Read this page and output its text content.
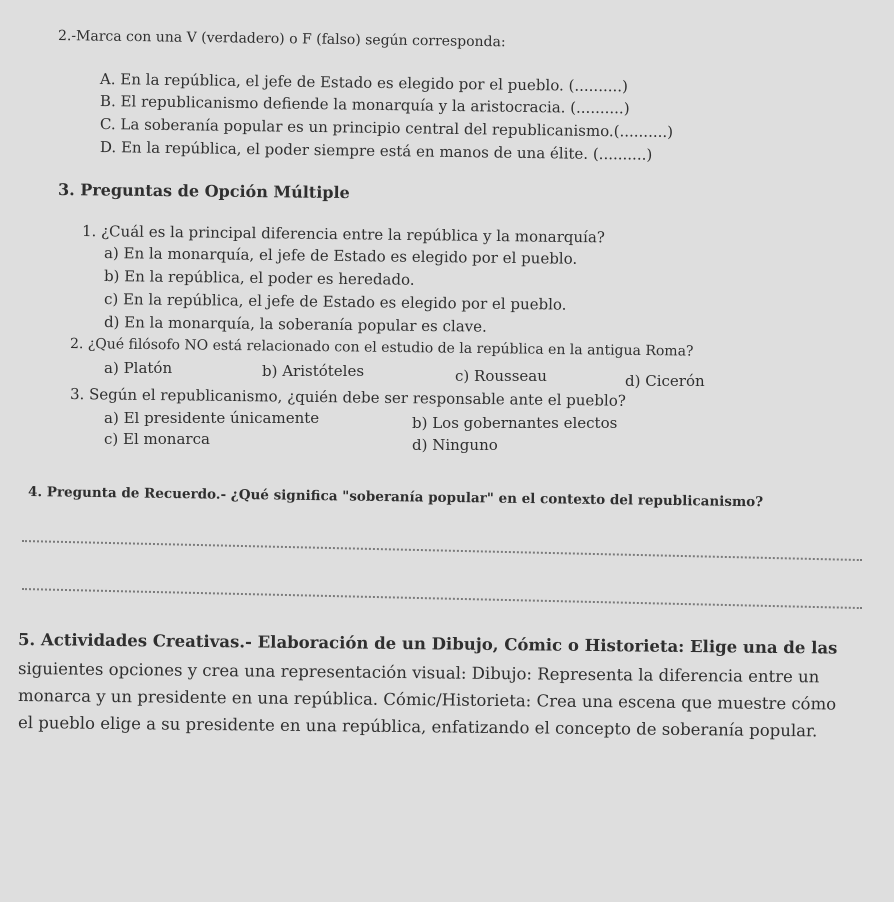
2.-Marca con una V (verdadero) o F (falso) según corresponda:
A. En la república, el jefe de Estado es elegido por el pueblo. (..........)
B. El republicanismo defiende la monarquía y la aristocracia. (..........)
C. La soberanía popular es un principio central del republicanismo.(..........)
D. En la república, el poder siempre está en manos de una élite. (..........)
3. Preguntas de Opción Múltiple
1. ¿Cuál es la principal diferencia entre la república y la monarquía?
a) En la monarquía, el jefe de Estado es elegido por el pueblo.
b) En la república, el poder es heredado.
c) En la república, el jefe de Estado es elegido por el pueblo.
d) En la monarquía, la soberanía popular es clave.
2. ¿Qué filósofo NO está relacionado con el estudio de la república en la antigua Roma?
a) Platón	b) Aristóteles	c) Rousseau	d) Cicerón
3. Según el republicanismo, ¿quién debe ser responsable ante el pueblo?
a) El presidente únicamente	b) Los gobernantes electos
c) El monarca	d) Ninguno
4. Pregunta de Recuerdo.- ¿Qué significa "soberanía popular" en el contexto del republicanismo?
5. Actividades Creativas.- Elaboración de un Dibujo, Cómic o Historieta: Elige una de las
siguientes opciones y crea una representación visual: Dibujo: Representa la diferencia entre un
monarca y un presidente en una república. Cómic/Historieta: Crea una escena que muestre cómo
el pueblo elige a su presidente en una república, enfatizando el concepto de soberanía popular.
